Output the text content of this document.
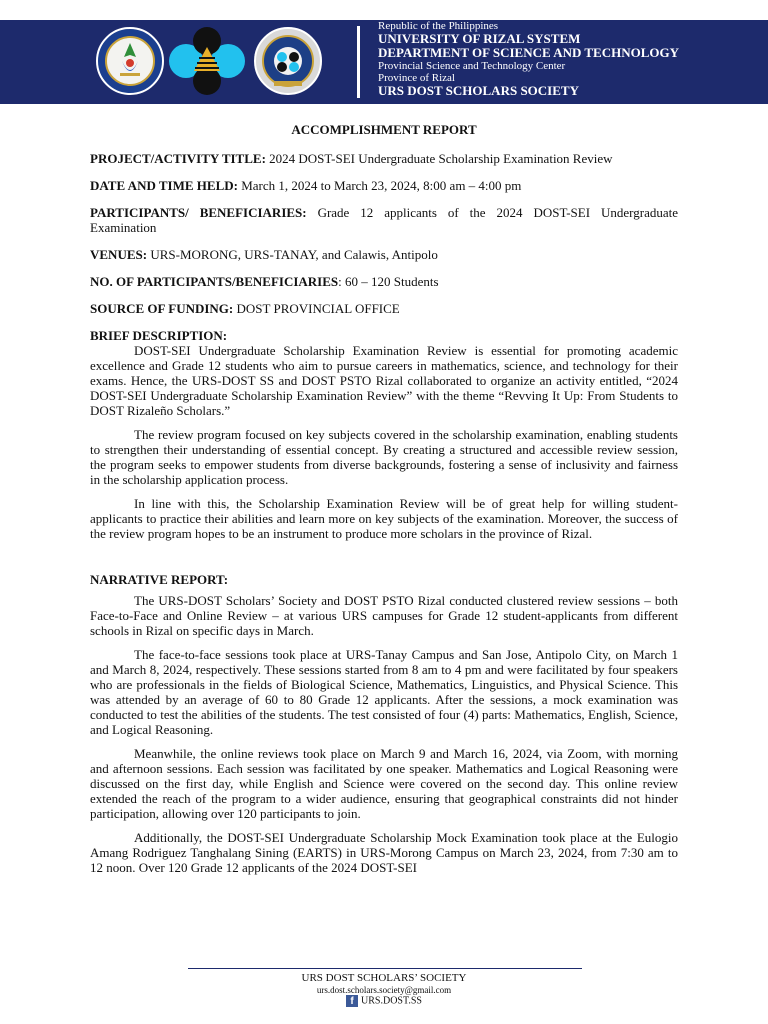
Republic of the Philippines
UNIVERSITY OF RIZAL SYSTEM
DEPARTMENT OF SCIENCE AND TECHNOLOGY
Provincial Science and Technology Center
Province of Rizal
URS DOST SCHOLARS SOCIETY
ACCOMPLISHMENT REPORT
PROJECT/ACTIVITY TITLE: 2024 DOST-SEI Undergraduate Scholarship Examination Review
DATE AND TIME HELD: March 1, 2024 to March 23, 2024, 8:00 am – 4:00 pm
PARTICIPANTS/ BENEFICIARIES: Grade 12 applicants of the 2024 DOST-SEI Undergraduate Examination
VENUES: URS-MORONG, URS-TANAY, and Calawis, Antipolo
NO. OF PARTICIPANTS/BENEFICIARIES: 60 – 120 Students
SOURCE OF FUNDING: DOST PROVINCIAL OFFICE
BRIEF DESCRIPTION:

DOST-SEI Undergraduate Scholarship Examination Review is essential for promoting academic excellence and Grade 12 students who aim to pursue careers in mathematics, science, and technology for their exams. Hence, the URS-DOST SS and DOST PSTO Rizal collaborated to organize an activity entitled, “2024 DOST-SEI Undergraduate Scholarship Examination Review” with the theme “Revving It Up: From Students to DOST Rizaleño Scholars.”

The review program focused on key subjects covered in the scholarship examination, enabling students to strengthen their understanding of essential concept. By creating a structured and accessible review session, the program seeks to empower students from diverse backgrounds, fostering a sense of inclusivity and fairness in the scholarship application process.

In line with this, the Scholarship Examination Review will be of great help for willing student-applicants to practice their abilities and learn more on key subjects of the examination. Moreover, the success of the review program hopes to be an instrument to produce more scholars in the province of Rizal.

NARRATIVE REPORT:

The URS-DOST Scholars’ Society and DOST PSTO Rizal conducted clustered review sessions – both Face-to-Face and Online Review – at various URS campuses for Grade 12 student-applicants from different schools in Rizal on specific days in March.

The face-to-face sessions took place at URS-Tanay Campus and San Jose, Antipolo City, on March 1 and March 8, 2024, respectively. These sessions started from 8 am to 4 pm and were facilitated by four speakers who are professionals in the fields of Biological Science, Mathematics, Linguistics, and Physical Science. This was attended by an average of 60 to 80 Grade 12 applicants. After the sessions, a mock examination was conducted to test the abilities of the students. The test consisted of four (4) parts: Mathematics, English, Science, and Logical Reasoning.

Meanwhile, the online reviews took place on March 9 and March 16, 2024, via Zoom, with morning and afternoon sessions. Each session was facilitated by one speaker. Mathematics and Logical Reasoning were discussed on the first day, while English and Science were covered on the second day. This online review extended the reach of the program to a wider audience, ensuring that geographical constraints did not hinder participation, allowing over 120 participants to join.

Additionally, the DOST-SEI Undergraduate Scholarship Mock Examination took place at the Eulogio Amang Rodriguez Tanghalang Sining (EARTS) in URS-Morong Campus on March 23, 2024, from 7:30 am to 12 noon. Over 120 Grade 12 applicants of the 2024 DOST-SEI

URS DOST SCHOLARS’ SOCIETY
urs.dost.scholars.society@gmail.com
f URS.DOST.SS
